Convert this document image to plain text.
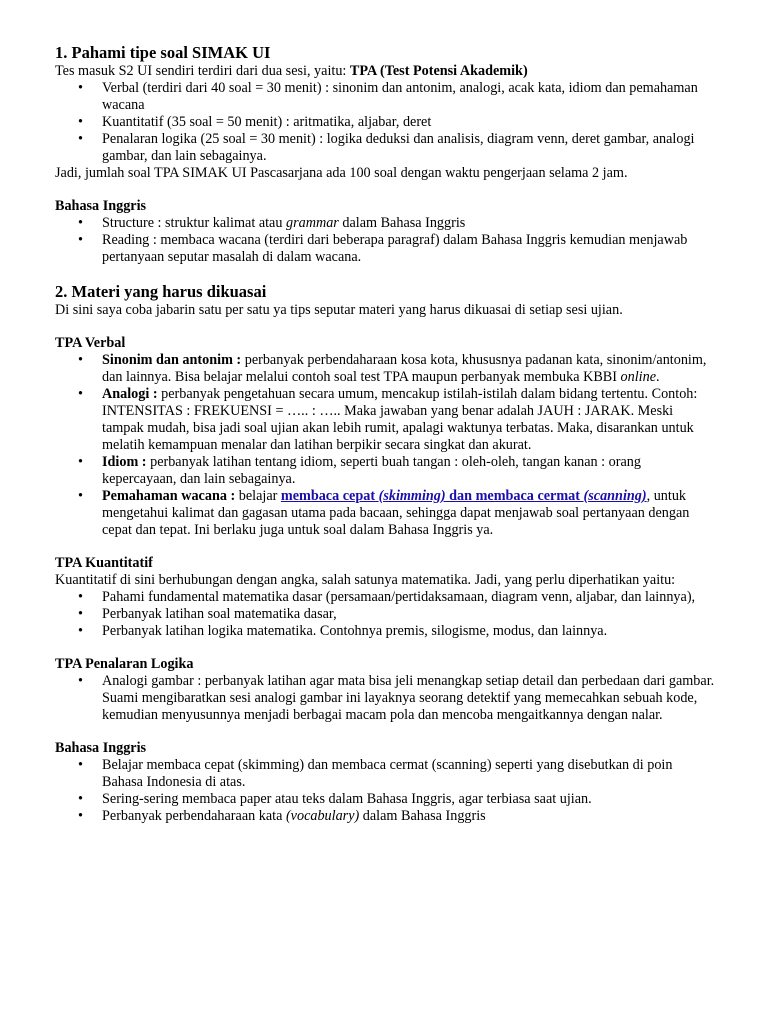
1. Pahami tipe soal SIMAK UI

Tes masuk S2 UI sendiri terdiri dari dua sesi, yaitu: TPA (Test Potensi Akademik)

• Verbal (terdiri dari 40 soal = 30 menit) : sinonim dan antonim, analogi, acak kata, idiom dan pemahaman wacana
• Kuantitatif (35 soal = 50 menit) : aritmatika, aljabar, deret
• Penalaran logika (25 soal = 30 menit) : logika deduksi dan analisis, diagram venn, deret gambar, analogi gambar, dan lain sebagainya.

Jadi, jumlah soal TPA SIMAK UI Pascasarjana ada 100 soal dengan waktu pengerjaan selama 2 jam.

Bahasa Inggris
• Structure : struktur kalimat atau grammar dalam Bahasa Inggris
• Reading : membaca wacana (terdiri dari beberapa paragraf) dalam Bahasa Inggris kemudian menjawab pertanyaan seputar masalah di dalam wacana.
2. Materi yang harus dikuasai

Di sini saya coba jabarin satu per satu ya tips seputar materi yang harus dikuasai di setiap sesi ujian.

TPA Verbal
• Sinonim dan antonim : perbanyak perbendaharaan kosa kota, khususnya padanan kata, sinonim/antonim, dan lainnya. Bisa belajar melalui contoh soal test TPA maupun perbanyak membuka KBBI online.
• Analogi : perbanyak pengetahuan secara umum, mencakup istilah-istilah dalam bidang tertentu. Contoh: INTENSITAS : FREKUENSI = ….. : ….. Maka jawaban yang benar adalah JAUH : JARAK. Meski tampak mudah, bisa jadi soal ujian akan lebih rumit, apalagi waktunya terbatas. Maka, disarankan untuk melatih kemampuan menalar dan latihan berpikir secara singkat dan akurat.
• Idiom : perbanyak latihan tentang idiom, seperti buah tangan : oleh-oleh, tangan kanan : orang kepercayaan, dan lain sebagainya.
• Pemahaman wacana : belajar membaca cepat (skimming) dan membaca cermat (scanning), untuk mengetahui kalimat dan gagasan utama pada bacaan, sehingga dapat menjawab soal pertanyaan dengan cepat dan tepat. Ini berlaku juga untuk soal dalam Bahasa Inggris ya.
TPA Kuantitatif

Kuantitatif di sini berhubungan dengan angka, salah satunya matematika. Jadi, yang perlu diperhatikan yaitu:

• Pahami fundamental matematika dasar (persamaan/pertidaksamaan, diagram venn, aljabar, dan lainnya),
• Perbanyak latihan soal matematika dasar,
• Perbanyak latihan logika matematika. Contohnya premis, silogisme, modus, dan lainnya.
TPA Penalaran Logika
• Analogi gambar : perbanyak latihan agar mata bisa jeli menangkap setiap detail dan perbedaan dari gambar. Suami mengibaratkan sesi analogi gambar ini layaknya seorang detektif yang memecahkan sebuah kode, kemudian menyusunnya menjadi berbagai macam pola dan mencoba mengaitkannya dengan nalar.
Bahasa Inggris
• Belajar membaca cepat (skimming) dan membaca cermat (scanning) seperti yang disebutkan di poin Bahasa Indonesia di atas.
• Sering-sering membaca paper atau teks dalam Bahasa Inggris, agar terbiasa saat ujian.
• Perbanyak perbendaharaan kata (vocabulary) dalam Bahasa Inggris
